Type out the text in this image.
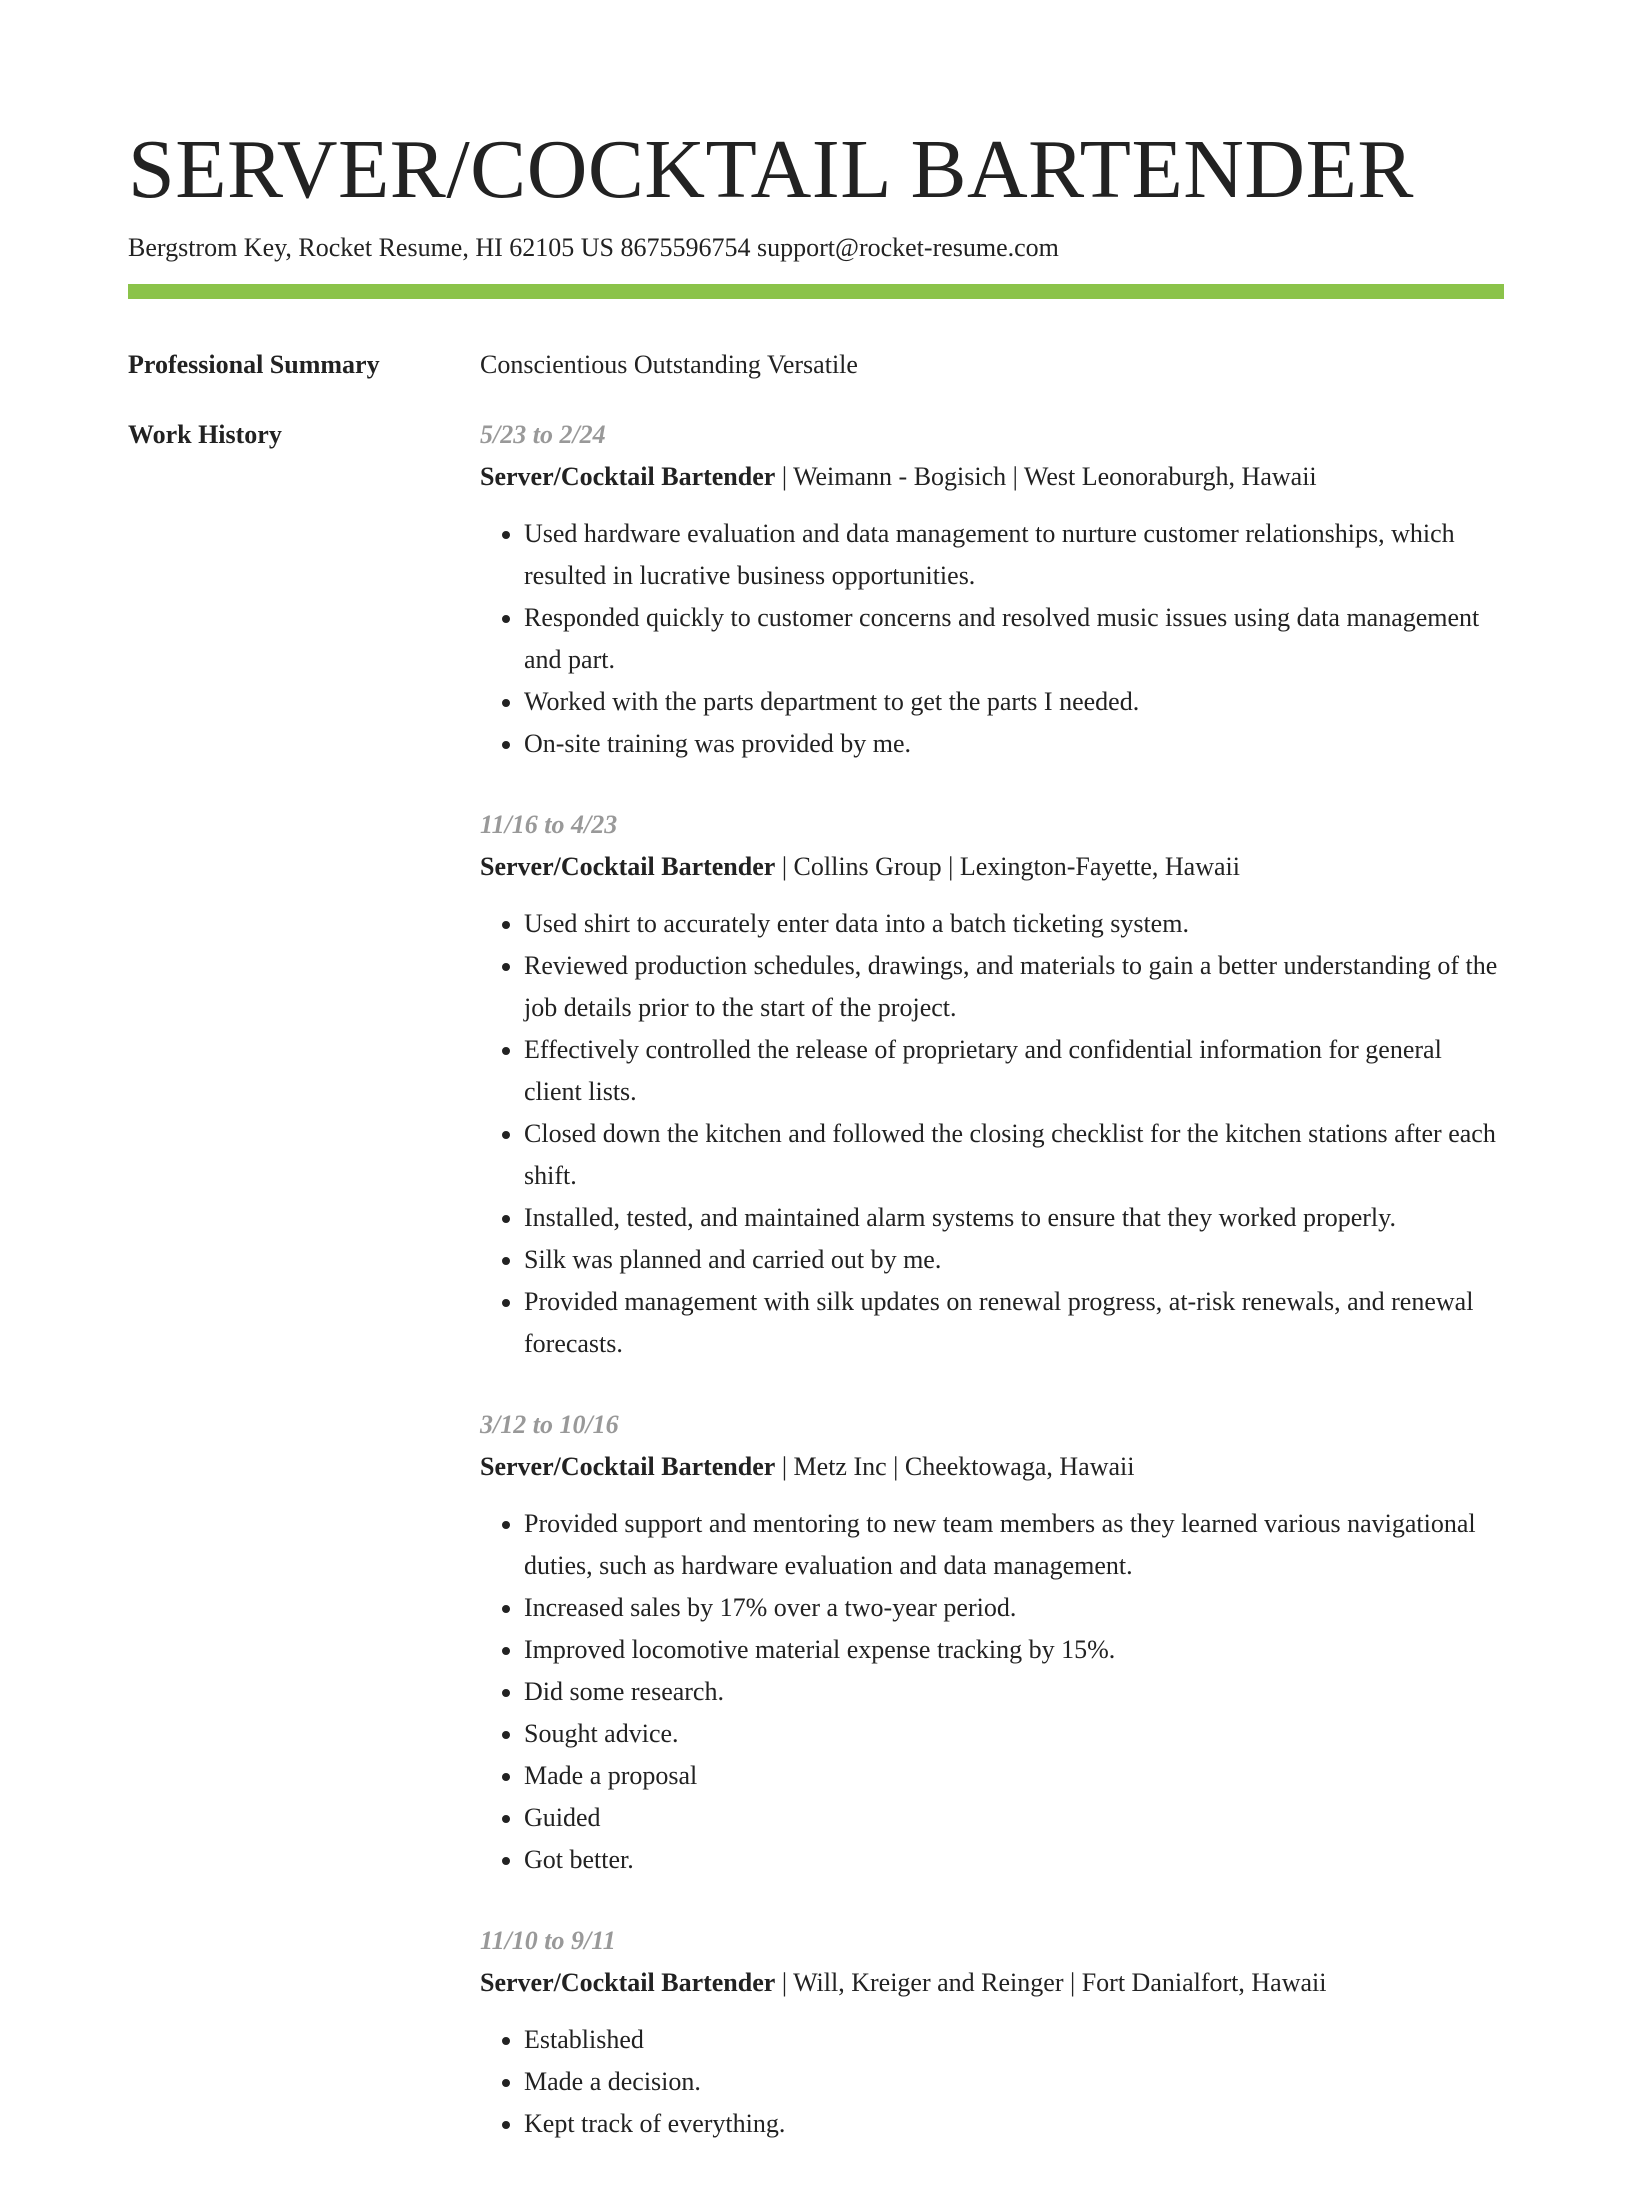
SERVER/COCKTAIL BARTENDER
Bergstrom Key, Rocket Resume, HI 62105 US 8675596754 support@rocket-resume.com
Professional Summary	Conscientious Outstanding Versatile
Work History	5/23 to 2/24
Server/Cocktail Bartender | Weimann - Bogisich | West Leonoraburgh, Hawaii
• Used hardware evaluation and data management to nurture customer relationships, which resulted in lucrative business opportunities.
• Responded quickly to customer concerns and resolved music issues using data management and part.
• Worked with the parts department to get the parts I needed.
• On-site training was provided by me.
11/16 to 4/23
Server/Cocktail Bartender | Collins Group | Lexington-Fayette, Hawaii
• Used shirt to accurately enter data into a batch ticketing system.
• Reviewed production schedules, drawings, and materials to gain a better understanding of the job details prior to the start of the project.
• Effectively controlled the release of proprietary and confidential information for general client lists.
• Closed down the kitchen and followed the closing checklist for the kitchen stations after each shift.
• Installed, tested, and maintained alarm systems to ensure that they worked properly.
• Silk was planned and carried out by me.
• Provided management with silk updates on renewal progress, at-risk renewals, and renewal forecasts.
3/12 to 10/16
Server/Cocktail Bartender | Metz Inc | Cheektowaga, Hawaii
• Provided support and mentoring to new team members as they learned various navigational duties, such as hardware evaluation and data management.
• Increased sales by 17% over a two-year period.
• Improved locomotive material expense tracking by 15%.
• Did some research.
• Sought advice.
• Made a proposal
• Guided
• Got better.
11/10 to 9/11
Server/Cocktail Bartender | Will, Kreiger and Reinger | Fort Danialfort, Hawaii
• Established
• Made a decision.
• Kept track of everything.
